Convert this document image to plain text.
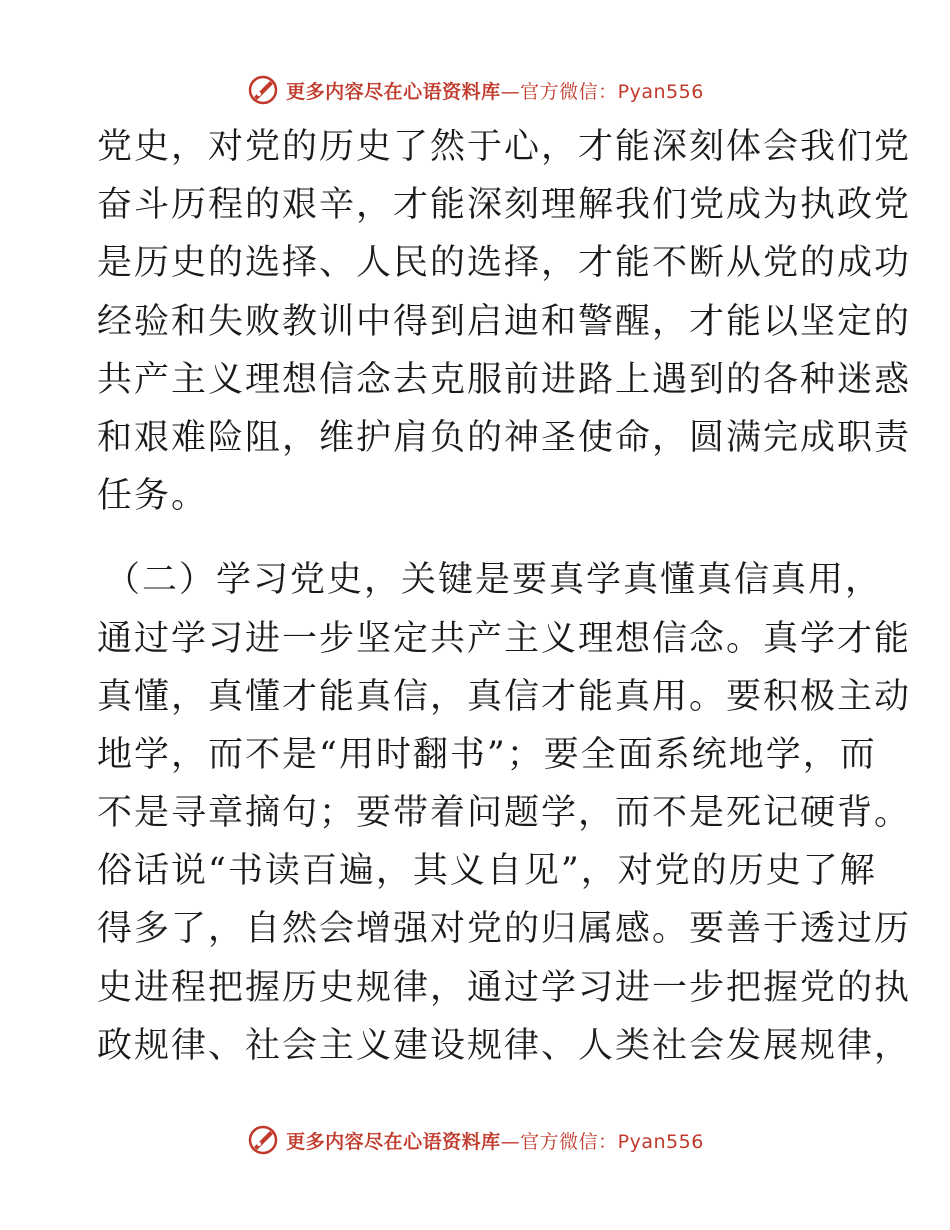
更多内容尽在心语资料库—官方微信：Pyan556
党史，对党的历史了然于心，才能深刻体会我们党
奋斗历程的艰辛，才能深刻理解我们党成为执政党
是历史的选择、人民的选择，才能不断从党的成功
经验和失败教训中得到启迪和警醒，才能以坚定的
共产主义理想信念去克服前进路上遇到的各种迷惑
和艰难险阻，维护肩负的神圣使命，圆满完成职责
任务。
（二）学习党史，关键是要真学真懂真信真用，
通过学习进一步坚定共产主义理想信念。真学才能
真懂，真懂才能真信，真信才能真用。要积极主动
地学，而不是“用时翻书”；要全面系统地学，而
不是寻章摘句；要带着问题学，而不是死记硬背。
俗话说“书读百遍，其义自见”，对党的历史了解
得多了，自然会增强对党的归属感。要善于透过历
史进程把握历史规律，通过学习进一步把握党的执
政规律、社会主义建设规律、人类社会发展规律，
更多内容尽在心语资料库—官方微信：Pyan556
